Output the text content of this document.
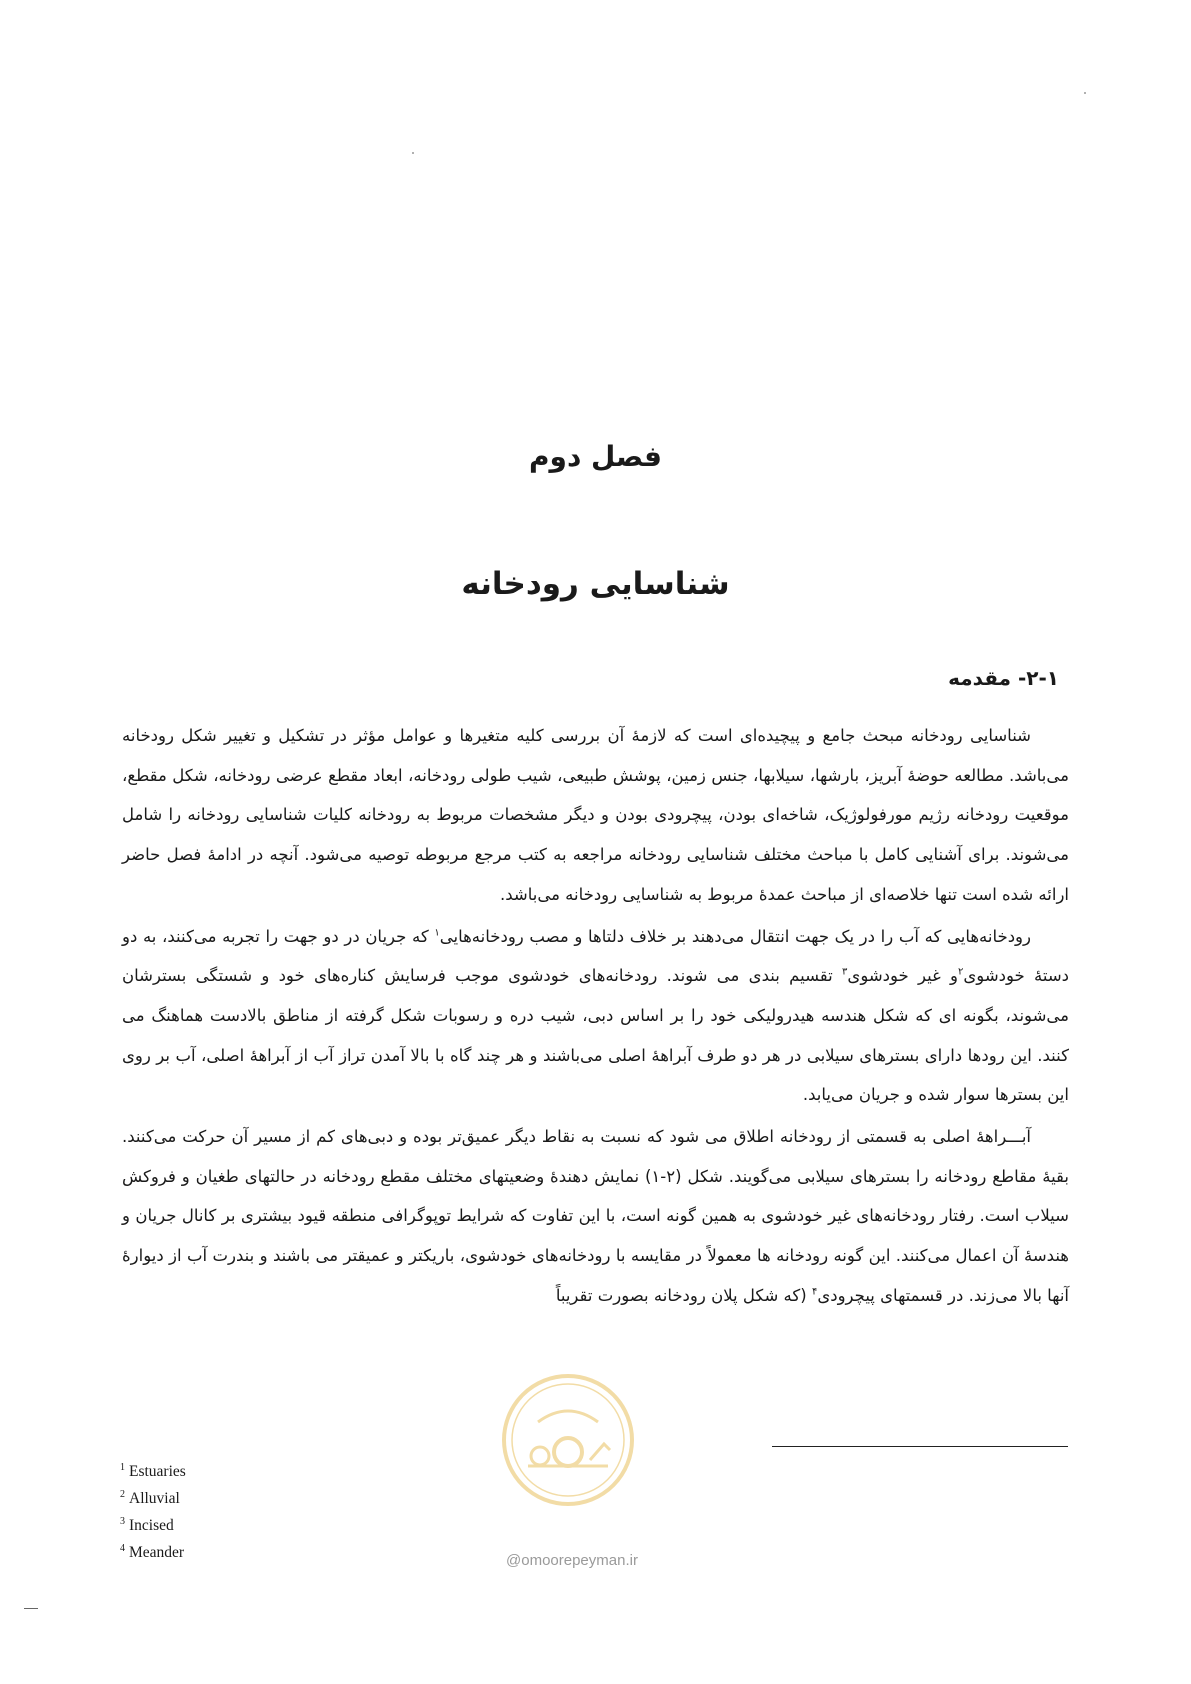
فصل دوم
شناسایی رودخانه
۲-۱- مقدمه

شناسایی رودخانه مبحث جامع و پیچیده‌ای است که لازمهٔ آن بررسی کلیه متغیرها و عوامل مؤثر در تشکیل و تغییر شکل رودخانه می‌باشد. مطالعه حوضهٔ آبریز، بارشها، سیلابها، جنس زمین، پوشش طبیعی، شیب طولی رودخانه، ابعاد مقطع عرضی رودخانه، شکل مقطع، موقعیت رودخانه رژیم مورفولوژیک، شاخه‌ای بودن، پیچرودی بودن و دیگر مشخصات مربوط به رودخانه کلیات شناسایی رودخانه را شامل می‌شوند. برای آشنایی کامل با مباحث مختلف شناسایی رودخانه مراجعه به کتب مرجع مربوطه توصیه می‌شود. آنچه در ادامهٔ فصل حاضر ارائه شده است تنها خلاصه‌ای از مباحث عمدهٔ مربوط به شناسایی رودخانه می‌باشد.

رودخانه‌هایی که آب را در یک جهت انتقال می‌دهند بر خلاف دلتاها و مصب رودخانه‌هایی$^۱$ که جریان در دو جهت را تجربه می‌کنند، به دو دستهٔ خودشوی$^۲$و غیر خودشوی$^۳$ تقسیم بندی می شوند. رودخانه‌های خودشوی موجب فرسایش کناره‌های خود و شستگی بسترشان می‌شوند، بگونه ای که شکل هندسه هیدرولیکی خود را بر اساس دبی، شیب دره و رسوبات شکل گرفته از مناطق بالادست هماهنگ می کنند. این رودها دارای بسترهای سیلابی در هر دو طرف آبراههٔ اصلی می‌باشند و هر چند گاه با بالا آمدن تراز آب از آبراههٔ اصلی، آب بر روی این بسترها سوار شده و جریان می‌یابد.

آبـــراههٔ اصلی به قسمتی از رودخانه اطلاق می شود که نسبت به نقاط دیگر عمیق‌تر بوده و دبی‌های کم از مسیر آن حرکت می‌کنند. بقیهٔ مقاطع رودخانه را بسترهای سیلابی می‌گویند. شکل (۲-۱) نمایش دهندهٔ وضعیتهای مختلف مقطع رودخانه در حالتهای طغیان و فروکش سیلاب است. رفتار رودخانه‌های غیر خودشوی به همین گونه است، با این تفاوت که شرایط توپوگرافی منطقه قیود بیشتری بر کانال جریان و هندسهٔ آن اعمال می‌کنند. این گونه رودخانه ها معمولاً در مقایسه با رودخانه‌های خودشوی، باریکتر و عمیقتر می باشند و بندرت آب از دیوارهٔ آنها بالا می‌زند. در قسمتهای پیچرودی$^۴$ (که شکل پلان رودخانه بصورت تقریباً

@omoorepeyman.ir
$^1$ Estuaries
$^2$ Alluvial
$^3$ Incised
$^4$ Meander
